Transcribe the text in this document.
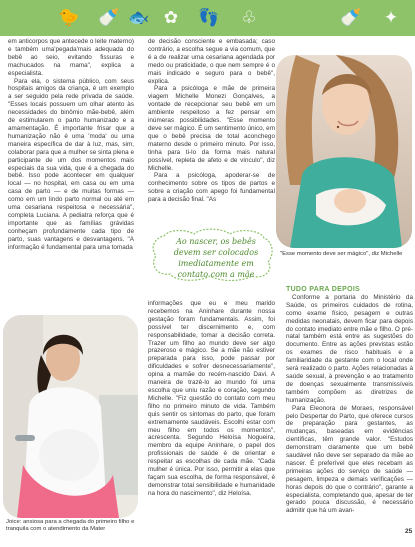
🐤 🍼	✿
🐟	👣 ♧	🍼 ✦

em anticorpos que antecede o leite materno) e também uma'pegada'mais adequada do bebê ao seio, evitando fissuras e machucados na mama", explica a especialista.

Para ela, o sistema público, com seus hospitais amigos da criança, é um exemplo a ser seguido pela rede privada de saúde. "Esses locais possuem um olhar atento às necessidades do binômio mãe-bebê, além de estimularem o parto humanizado e a amamentação. É importante frisar que a humanização não é uma 'moda' ou uma maneira específica de dar à luz, mas, sim, colaborar para que a mulher se sinta plena e participante de um dos momentos mais especiais da sua vida, que é a chegada do bebê. Isso pode acontecer em qualquer local — no hospital, em casa ou em uma casa de parto — e de muitas formas — como em um lindo parto normal ou até em uma cesariana respeitosa e necessária", completa Luciana. A pediatra reforça que é importante que as famílias grávidas conheçam profundamente cada tipo de parto, suas vantagens e desvantagens. "A informação é fundamental para uma tomada

de decisão consciente e embasada; caso contrário, a escolha segue a via comum, que é a de realizar uma cesariana agendada por medo ou praticidade, o que nem sempre é o mais indicado e seguro para o bebê", explica.

Para a psicóloga e mãe de primeira viagem Michelle Monezi Gonçalves, a vontade de recepcionar seu bebê em um ambiente respeitoso a fez pensar em inúmeras possibilidades. "Esse momento deve ser mágico. É um sentimento único, em que o bebê precisa de total aconchego materno desde o primeiro minuto. Por isso, tinha para ti-lo da forma mais natural possível, repleta de afeto e de vínculo", diz Michelle.

Para a psicóloga, apoderar-se de conhecimento sobre os tipos de partos e sobre a criação com apego foi fundamental para a decisão final. "As

Ao nascer, os bebês devem ser colocados imediatamente em contato com a mãe

informações que eu e meu marido recebemos na Aninhare durante nossa gestação foram fundamentais. Assim, foi possível ter discernimento e, com responsabilidade, tomar a decisão correta. Trazer um filho ao mundo deve ser algo prazeroso e mágico. Se a mãe não estiver preparada para isso, pode passar por dificuldades e sofrer desnecessariamente", opina a mamãe do recém-nascido Davi. A maneira de trazê-lo ao mundo foi uma escolha que uniu razão e coração, segundo Michelle. "Fiz questão do contato com meu filho no primeiro minuto de vida. Também quis sentir os sintomas do parto, que foram extremamente saudáveis. Escolhi estar com meu filho em todos os momentos", acrescenta. Segundo Heloísa Nogueira, membro da equipe Aninhare, o papel dos profissionais de saúde é de orientar e respeitar as escolhas de cada mãe. "Cada mulher é única. Por isso, permitir a elas que façam sua escolha, de forma responsável, é demonstrar total sensibilidade e humanidade na hora do nascimento", diz Heloísa.

TUDO PARA DEPOIS

Conforme a portaria do Ministério da Saúde, os primeiros cuidados de rotina, como exame físico, pesagem e outras medidas neonatais, devem ficar para depois do contato imediato entre mãe e filho. O pré-natal também está entre as sugestões do documento. Entre as ações previstas estão os exames de risco habituais e a familiaridade da gestante com o local onde será realizado o parto. Ações relacionadas à saúde sexual, à prevenção e ao tratamento de doenças sexualmente transmissíveis também compõem as diretrizes de humanização.

Para Eleonora de Moraes, responsável pelo Despertar do Parto, que oferece cursos de preparação para gestantes, as mudanças, baseadas em evidências científicas, têm grande valor. "Estudos demonstram claramente que um bebê saudável não deve ser separado da mãe ao nascer. É preferível que eles recebam as primeiras ações do serviço de saúde — pesagem, limpeza e demais verificações — horas depois do que o contrário", garante a especialista, completando que, apesar de ter gerado pouca discussão, é necessário admitir que há um avan-

"Esse momento deve ser mágico", diz Michelle
Joice: ansiosa para a chegada do primeiro filho e tranquila com o atendimento da Mater	25
